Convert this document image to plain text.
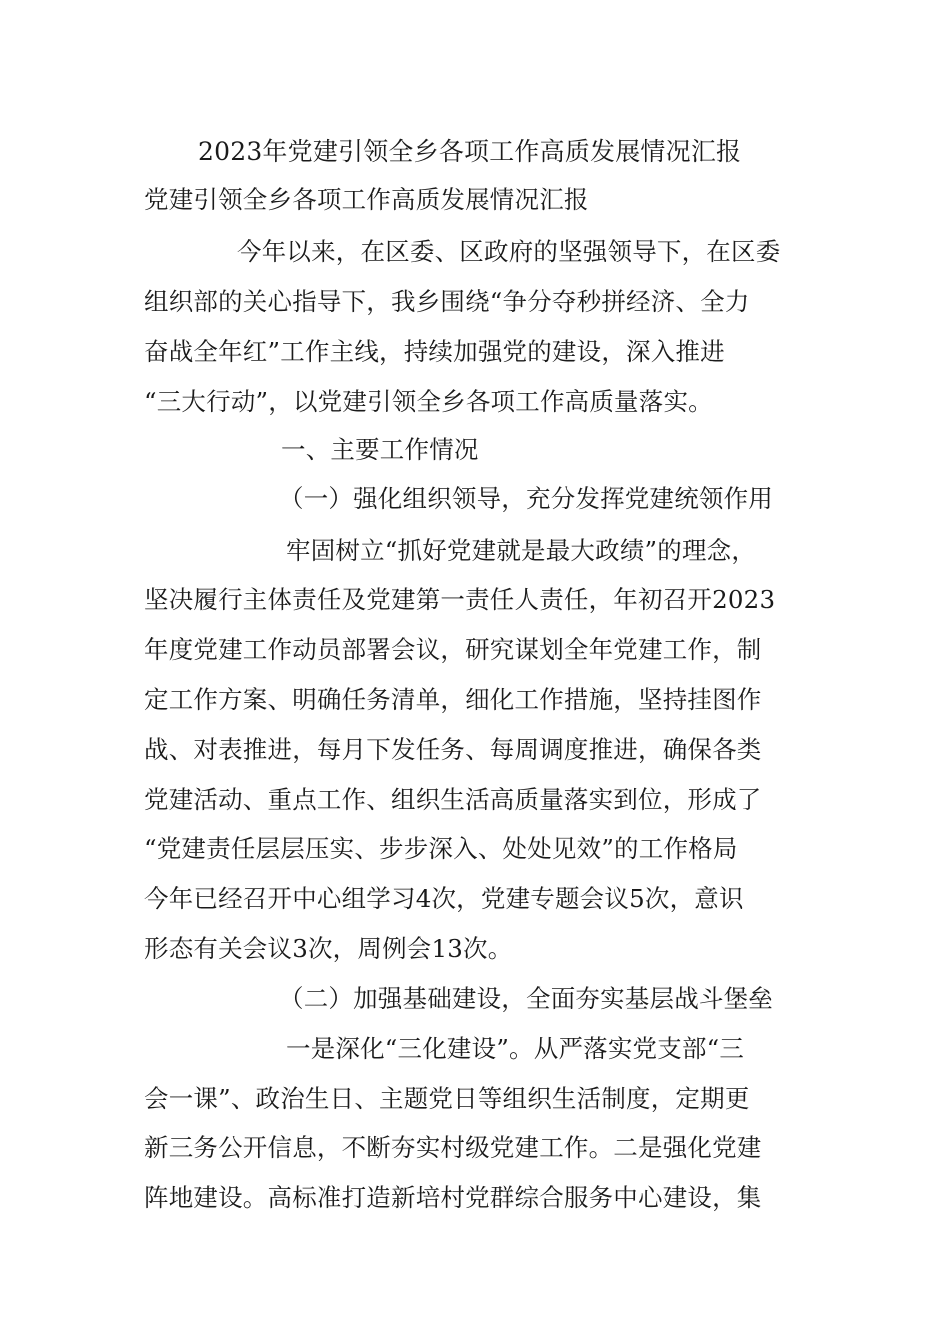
2023年党建引领全乡各项工作高质发展情况汇报
党建引领全乡各项工作高质发展情况汇报
今年以来，在区委、区政府的坚强领导下，在区委
组织部的关心指导下，我乡围绕“争分夺秒拼经济、全力
奋战全年红”工作主线，持续加强党的建设，深入推进
“三大行动”，以党建引领全乡各项工作高质量落实。
一、主要工作情况
（一）强化组织领导，充分发挥党建统领作用
牢固树立“抓好党建就是最大政绩”的理念，
坚决履行主体责任及党建第一责任人责任，年初召开2023
年度党建工作动员部署会议，研究谋划全年党建工作，制
定工作方案、明确任务清单，细化工作措施，坚持挂图作
战、对表推进，每月下发任务、每周调度推进，确保各类
党建活动、重点工作、组织生活高质量落实到位，形成了
“党建责任层层压实、步步深入、处处见效”的工作格局
今年已经召开中心组学习4次，党建专题会议5次，意识
形态有关会议3次，周例会13次。
（二）加强基础建设，全面夯实基层战斗堡垒
一是深化“三化建设”。从严落实党支部“三
会一课”、政治生日、主题党日等组织生活制度，定期更
新三务公开信息，不断夯实村级党建工作。二是强化党建
阵地建设。高标准打造新培村党群综合服务中心建设，集
